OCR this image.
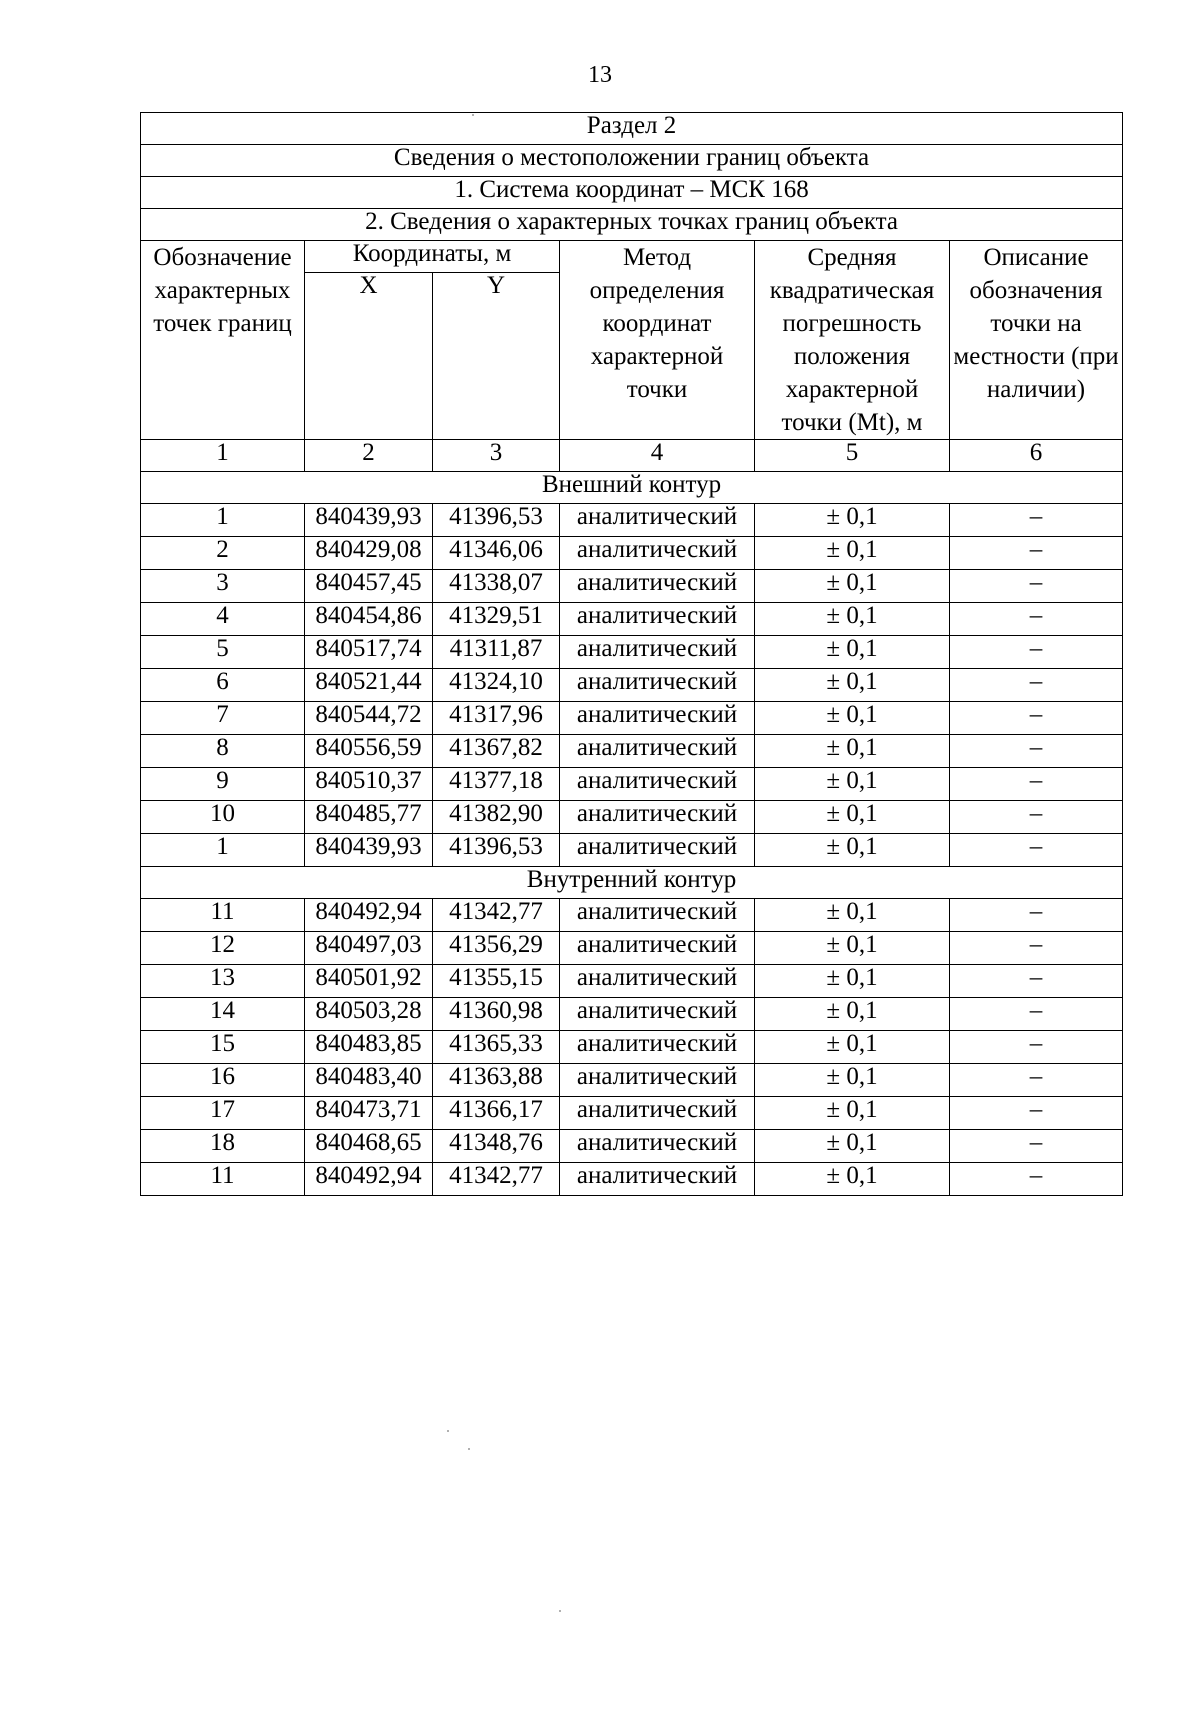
13
Раздел 2					
Сведения о местоположении границ объекта					
1. Система координат – МСК 168					
2. Сведения о характерных точках границ объекта					
Обозначение характерных точек границ	Координаты, м		Метод определения координат характерной точки	Средняя квадратическая погрешность положения характерной точки (Mt), м	Описание обозначения точки на местности (при наличии)
	X	Y			
1	2	3	4	5	6
Внешний контур					
1	840439,93	41396,53	аналитический	± 0,1	–
2	840429,08	41346,06	аналитический	± 0,1	–
3	840457,45	41338,07	аналитический	± 0,1	–
4	840454,86	41329,51	аналитический	± 0,1	–
5	840517,74	41311,87	аналитический	± 0,1	–
6	840521,44	41324,10	аналитический	± 0,1	–
7	840544,72	41317,96	аналитический	± 0,1	–
8	840556,59	41367,82	аналитический	± 0,1	–
9	840510,37	41377,18	аналитический	± 0,1	–
10	840485,77	41382,90	аналитический	± 0,1	–
1	840439,93	41396,53	аналитический	± 0,1	–
Внутренний контур					
11	840492,94	41342,77	аналитический	± 0,1	–
12	840497,03	41356,29	аналитический	± 0,1	–
13	840501,92	41355,15	аналитический	± 0,1	–
14	840503,28	41360,98	аналитический	± 0,1	–
15	840483,85	41365,33	аналитический	± 0,1	–
16	840483,40	41363,88	аналитический	± 0,1	–
17	840473,71	41366,17	аналитический	± 0,1	–
18	840468,65	41348,76	аналитический	± 0,1	–
11	840492,94	41342,77	аналитический	± 0,1	–
